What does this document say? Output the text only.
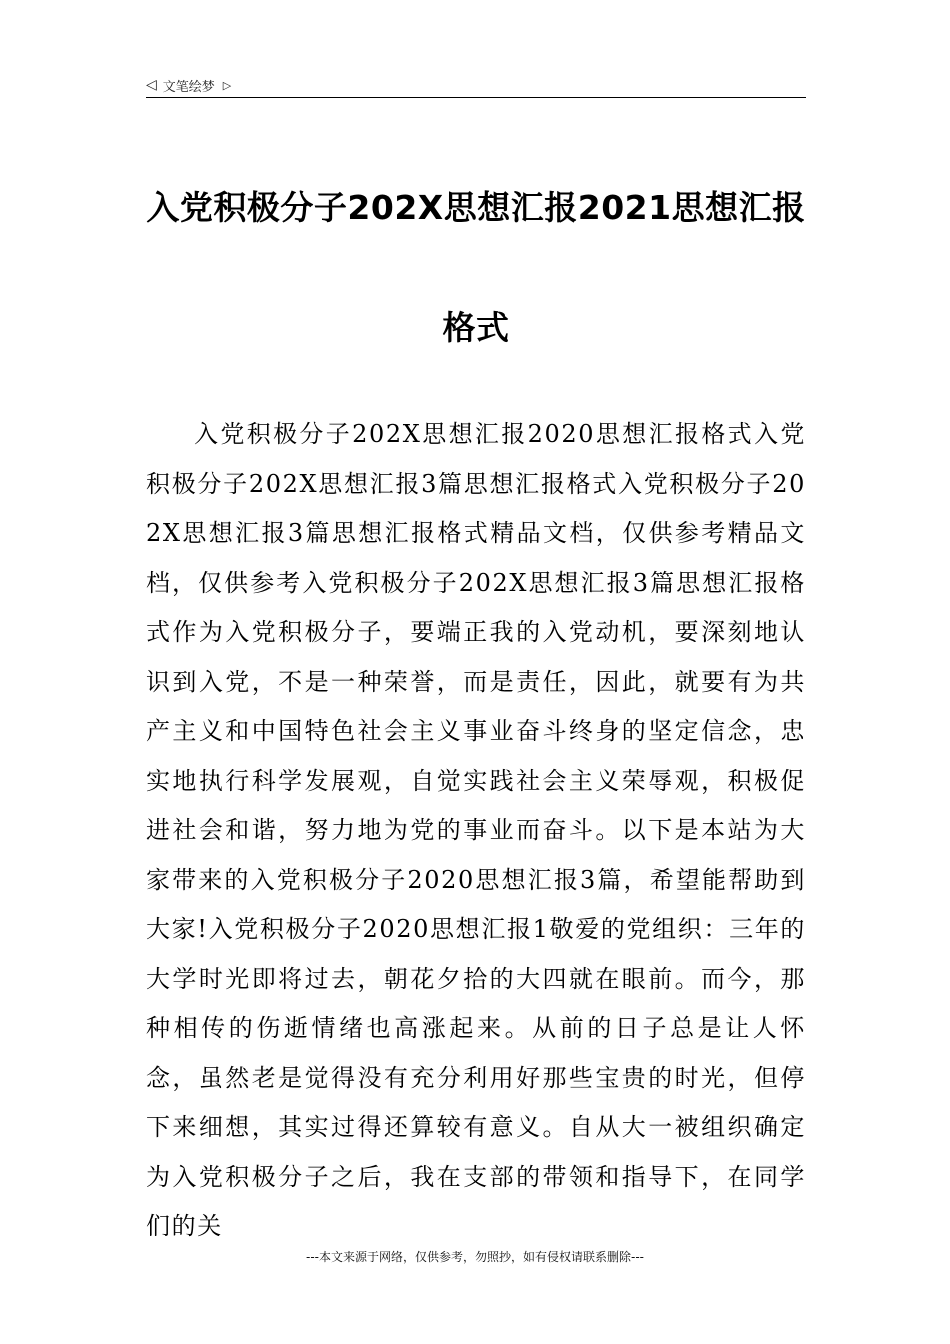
◁ 文笔绘梦 ▷
入党积极分子202X思想汇报2021思想汇报格式

入党积极分子202X思想汇报2020思想汇报格式入党积极分子202X思想汇报3篇思想汇报格式入党积极分子202X思想汇报3篇思想汇报格式精品文档，仅供参考精品文档，仅供参考入党积极分子202X思想汇报3篇思想汇报格式作为入党积极分子，要端正我的入党动机，要深刻地认识到入党，不是一种荣誉，而是责任，因此，就要有为共产主义和中国特色社会主义事业奋斗终身的坚定信念，忠实地执行科学发展观，自觉实践社会主义荣辱观，积极促进社会和谐，努力地为党的事业而奋斗。以下是本站为大家带来的入党积极分子2020思想汇报3篇，希望能帮助到大家!入党积极分子2020思想汇报1敬爱的党组织：三年的大学时光即将过去，朝花夕拾的大四就在眼前。而今，那种相传的伤逝情绪也高涨起来。从前的日子总是让人怀念，虽然老是觉得没有充分利用好那些宝贵的时光，但停下来细想，其实过得还算较有意义。自从大一被组织确定为入党积极分子之后，我在支部的带领和指导下，在同学们的关

---本文来源于网络，仅供参考，勿照抄，如有侵权请联系删除---
